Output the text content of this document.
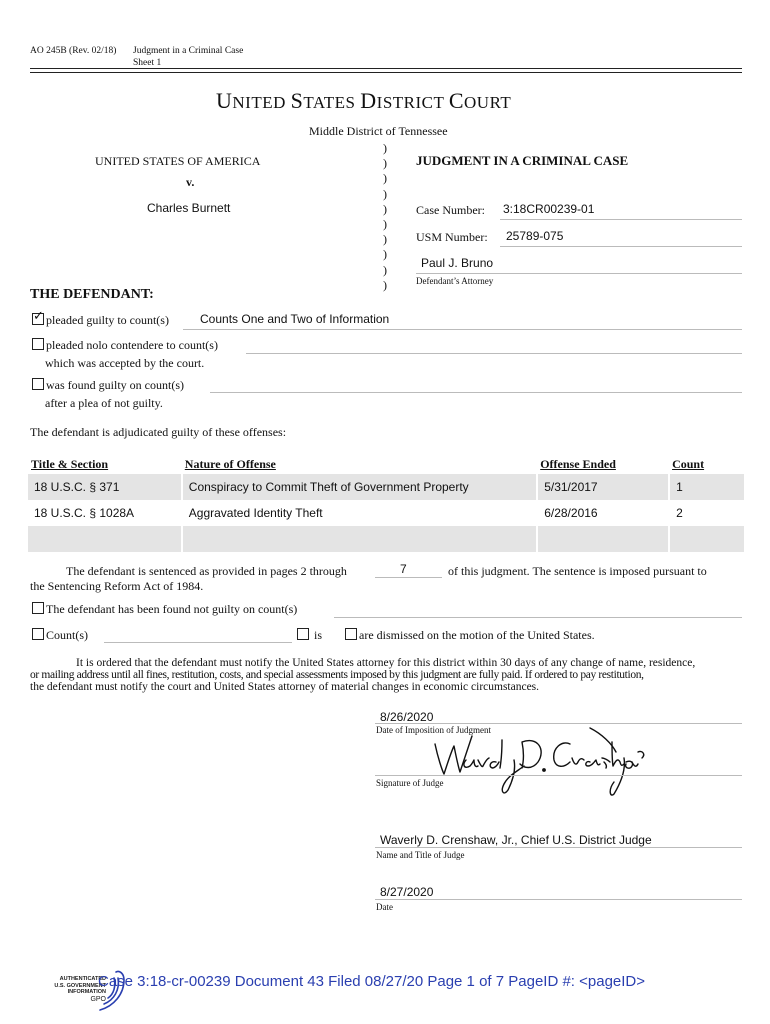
AO 245B (Rev. 02/18) Judgment in a Criminal Case
Sheet 1
UNITED STATES DISTRICT COURT
Middle District of Tennessee
UNITED STATES OF AMERICA
v.
Charles Burnett
)
)
)
)
)
)
)
)
)
)
JUDGMENT IN A CRIMINAL CASE
Case Number: 3:18CR00239-01
USM Number: 25789-075
Paul J. Bruno
Defendant’s Attorney
THE DEFENDANT:
✓ pleaded guilty to count(s)	Counts One and Two of Information
pleaded nolo contendere to count(s)
which was accepted by the court.
was found guilty on count(s)
after a plea of not guilty.
The defendant is adjudicated guilty of these offenses:
Title & Section	Nature of Offense	Offense Ended	Count
18 U.S.C. § 371	Conspiracy to Commit Theft of Government Property	5/31/2017	1
18 U.S.C. § 1028A	Aggravated Identity Theft	6/28/2016	2

The defendant is sentenced as provided in pages 2 through	7	of this judgment. The sentence is imposed pursuant to
the Sentencing Reform Act of 1984.
The defendant has been found not guilty on count(s)
Count(s)	is	are dismissed on the motion of the United States.
It is ordered that the defendant must notify the United States attorney for this district within 30 days of any change of name, residence,
or mailing address until all fines, restitution, costs, and special assessments imposed by this judgment are fully paid. If ordered to pay restitution,
the defendant must notify the court and United States attorney of material changes in economic circumstances.
8/26/2020
Date of Imposition of Judgment
Signature of Judge
Waverly D. Crenshaw, Jr., Chief U.S. District Judge
Name and Title of Judge
8/27/2020
Date
AUTHENTICATED
U.S. GOVERNMENT
INFORMATION
GPO
Case 3:18-cr-00239 Document 43 Filed 08/27/20 Page 1 of 7 PageID #: <pageID>
